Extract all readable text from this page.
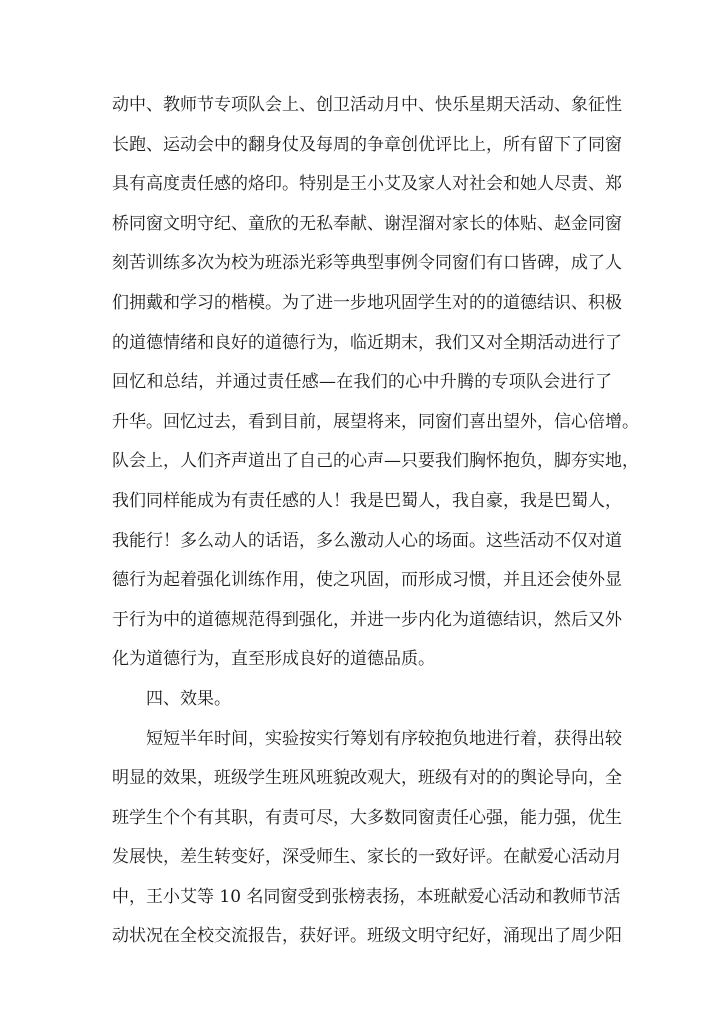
动中、教师节专项队会上、创卫活动月中、快乐星期天活动、象征性
长跑、运动会中的翻身仗及每周的争章创优评比上，所有留下了同窗
具有高度责任感的烙印。特别是王小艾及家人对社会和她人尽责、郑
桥同窗文明守纪、童欣的无私奉献、谢涅溜对家长的体贴、赵金同窗
刻苦训练多次为校为班添光彩等典型事例令同窗们有口皆碑，成了人
们拥戴和学习的楷模。为了进一步地巩固学生对的的道德结识、积极
的道德情绪和良好的道德行为，临近期末，我们又对全期活动进行了
回忆和总结，并通过责任感—在我们的心中升腾的专项队会进行了
升华。回忆过去，看到目前，展望将来，同窗们喜出望外，信心倍增。
队会上，人们齐声道出了自己的心声—只要我们胸怀抱负，脚夯实地，
我们同样能成为有责任感的人！我是巴蜀人，我自豪，我是巴蜀人，
我能行！多么动人的话语，多么激动人心的场面。这些活动不仅对道
德行为起着强化训练作用，使之巩固，而形成习惯，并且还会使外显
于行为中的道德规范得到强化，并进一步内化为道德结识，然后又外
化为道德行为，直至形成良好的道德品质。
四、效果。
短短半年时间，实验按实行筹划有序较抱负地进行着，获得出较
明显的效果，班级学生班风班貌改观大，班级有对的的舆论导向，全
班学生个个有其职，有责可尽，大多数同窗责任心强，能力强，优生
发展快，差生转变好，深受师生、家长的一致好评。在献爱心活动月
中，王小艾等 10 名同窗受到张榜表扬，本班献爱心活动和教师节活
动状况在全校交流报告，获好评。班级文明守纪好，涌现出了周少阳
